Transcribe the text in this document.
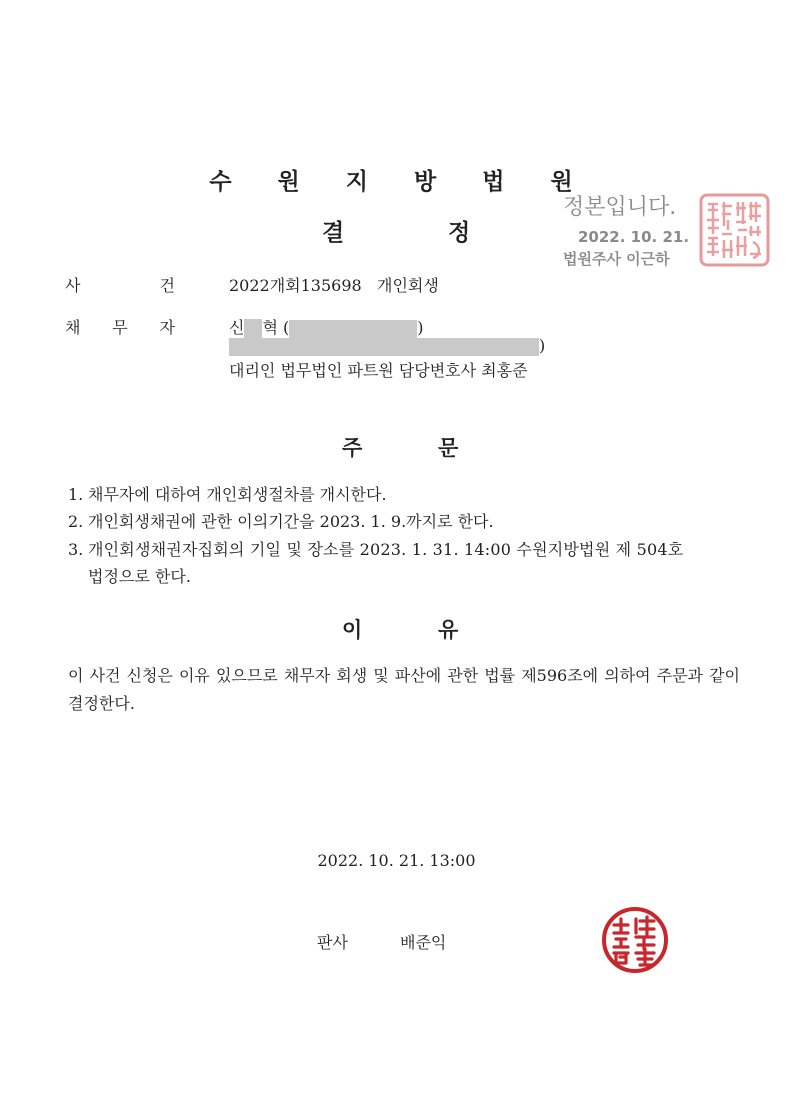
수 원 지 방 법 원
결	정
정본입니다.
2022. 10. 21.
법원주사 이근하
사	건	2022개회135698 개인회생
채 무 자	신 혁 (	)
)
대리인 법무법인 파트원 담당변호사 최홍준
주	문
1. 채무자에 대하여 개인회생절차를 개시한다.
2. 개인회생채권에 관한 이의기간을 2023. 1. 9.까지로 한다.
3. 개인회생채권자집회의 기일 및 장소를 2023. 1. 31. 14:00 수원지방법원 제 504호
법정으로 한다.
이	유
이 사건 신청은 이유 있으므로 채무자 회생 및 파산에 관한 법률 제596조에 의하여 주문과 같이 결정한다.
2022. 10. 21. 13:00
판사	배준익
